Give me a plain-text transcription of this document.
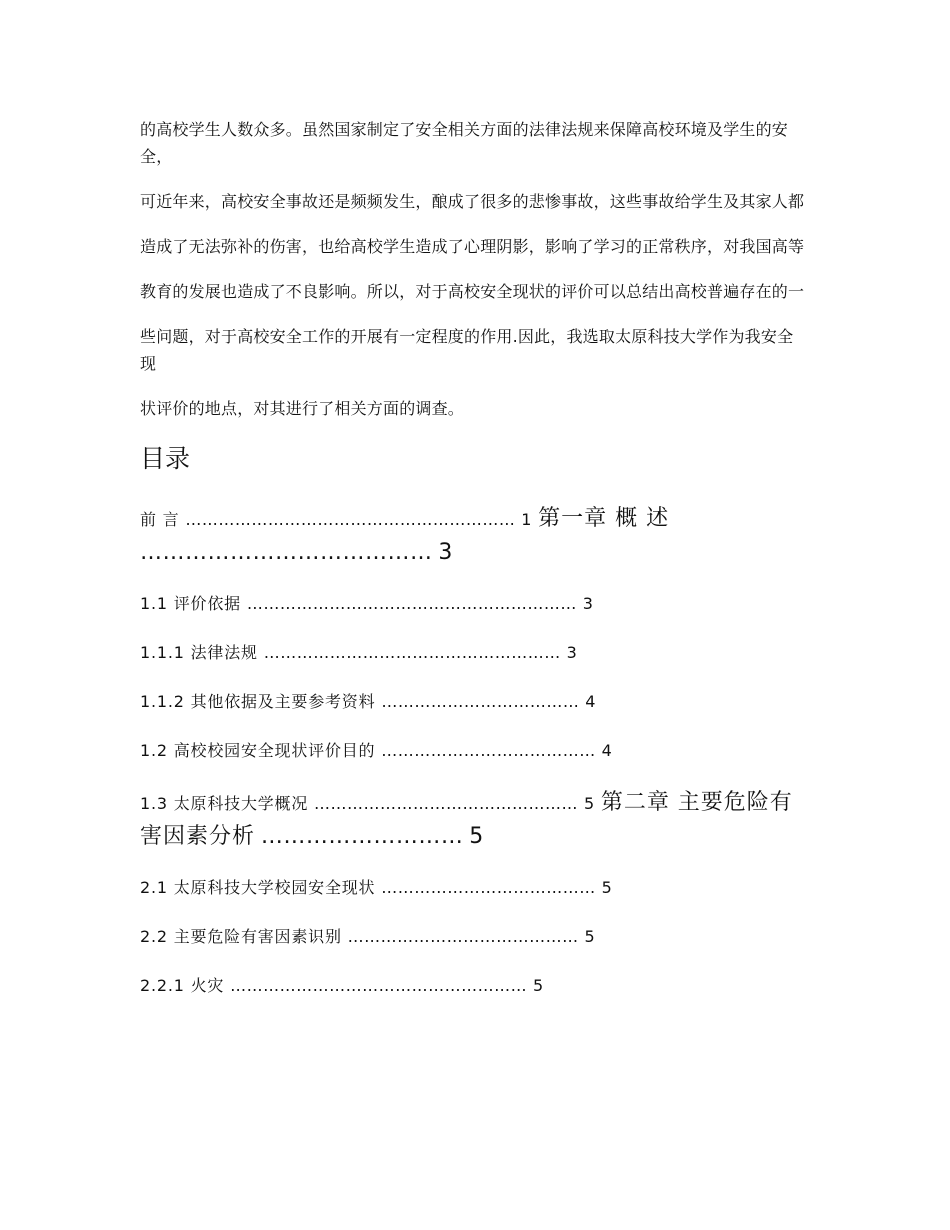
的高校学生人数众多。虽然国家制定了安全相关方面的法律法规来保障高校环境及学生的安全，

可近年来，高校安全事故还是频频发生，酿成了很多的悲惨事故，这些事故给学生及其家人都

造成了无法弥补的伤害，也给高校学生造成了心理阴影，影响了学习的正常秩序，对我国高等

教育的发展也造成了不良影响。所以，对于高校安全现状的评价可以总结出高校普遍存在的一

些问题，对于高校安全工作的开展有一定程度的作用.因此，我选取太原科技大学作为我安全现

状评价的地点，对其进行了相关方面的调查。

目录
前 言 …………………………………………………… 1 第一章 概 述 ………………………………… 3
1.1 评价依据 …………………………………………………… 3
1.1.1 法律法规 ……………………………………………… 3
1.1.2 其他依据及主要参考资料 ……………………………… 4
1.2 高校校园安全现状评价目的 ………………………………… 4
1.3 太原科技大学概况 ………………………………………… 5 第二章 主要危险有害因素分析 ……………………… 5
2.1 太原科技大学校园安全现状 ………………………………… 5
2.2 主要危险有害因素识别 …………………………………… 5
2.2.1 火灾 ……………………………………………… 5
